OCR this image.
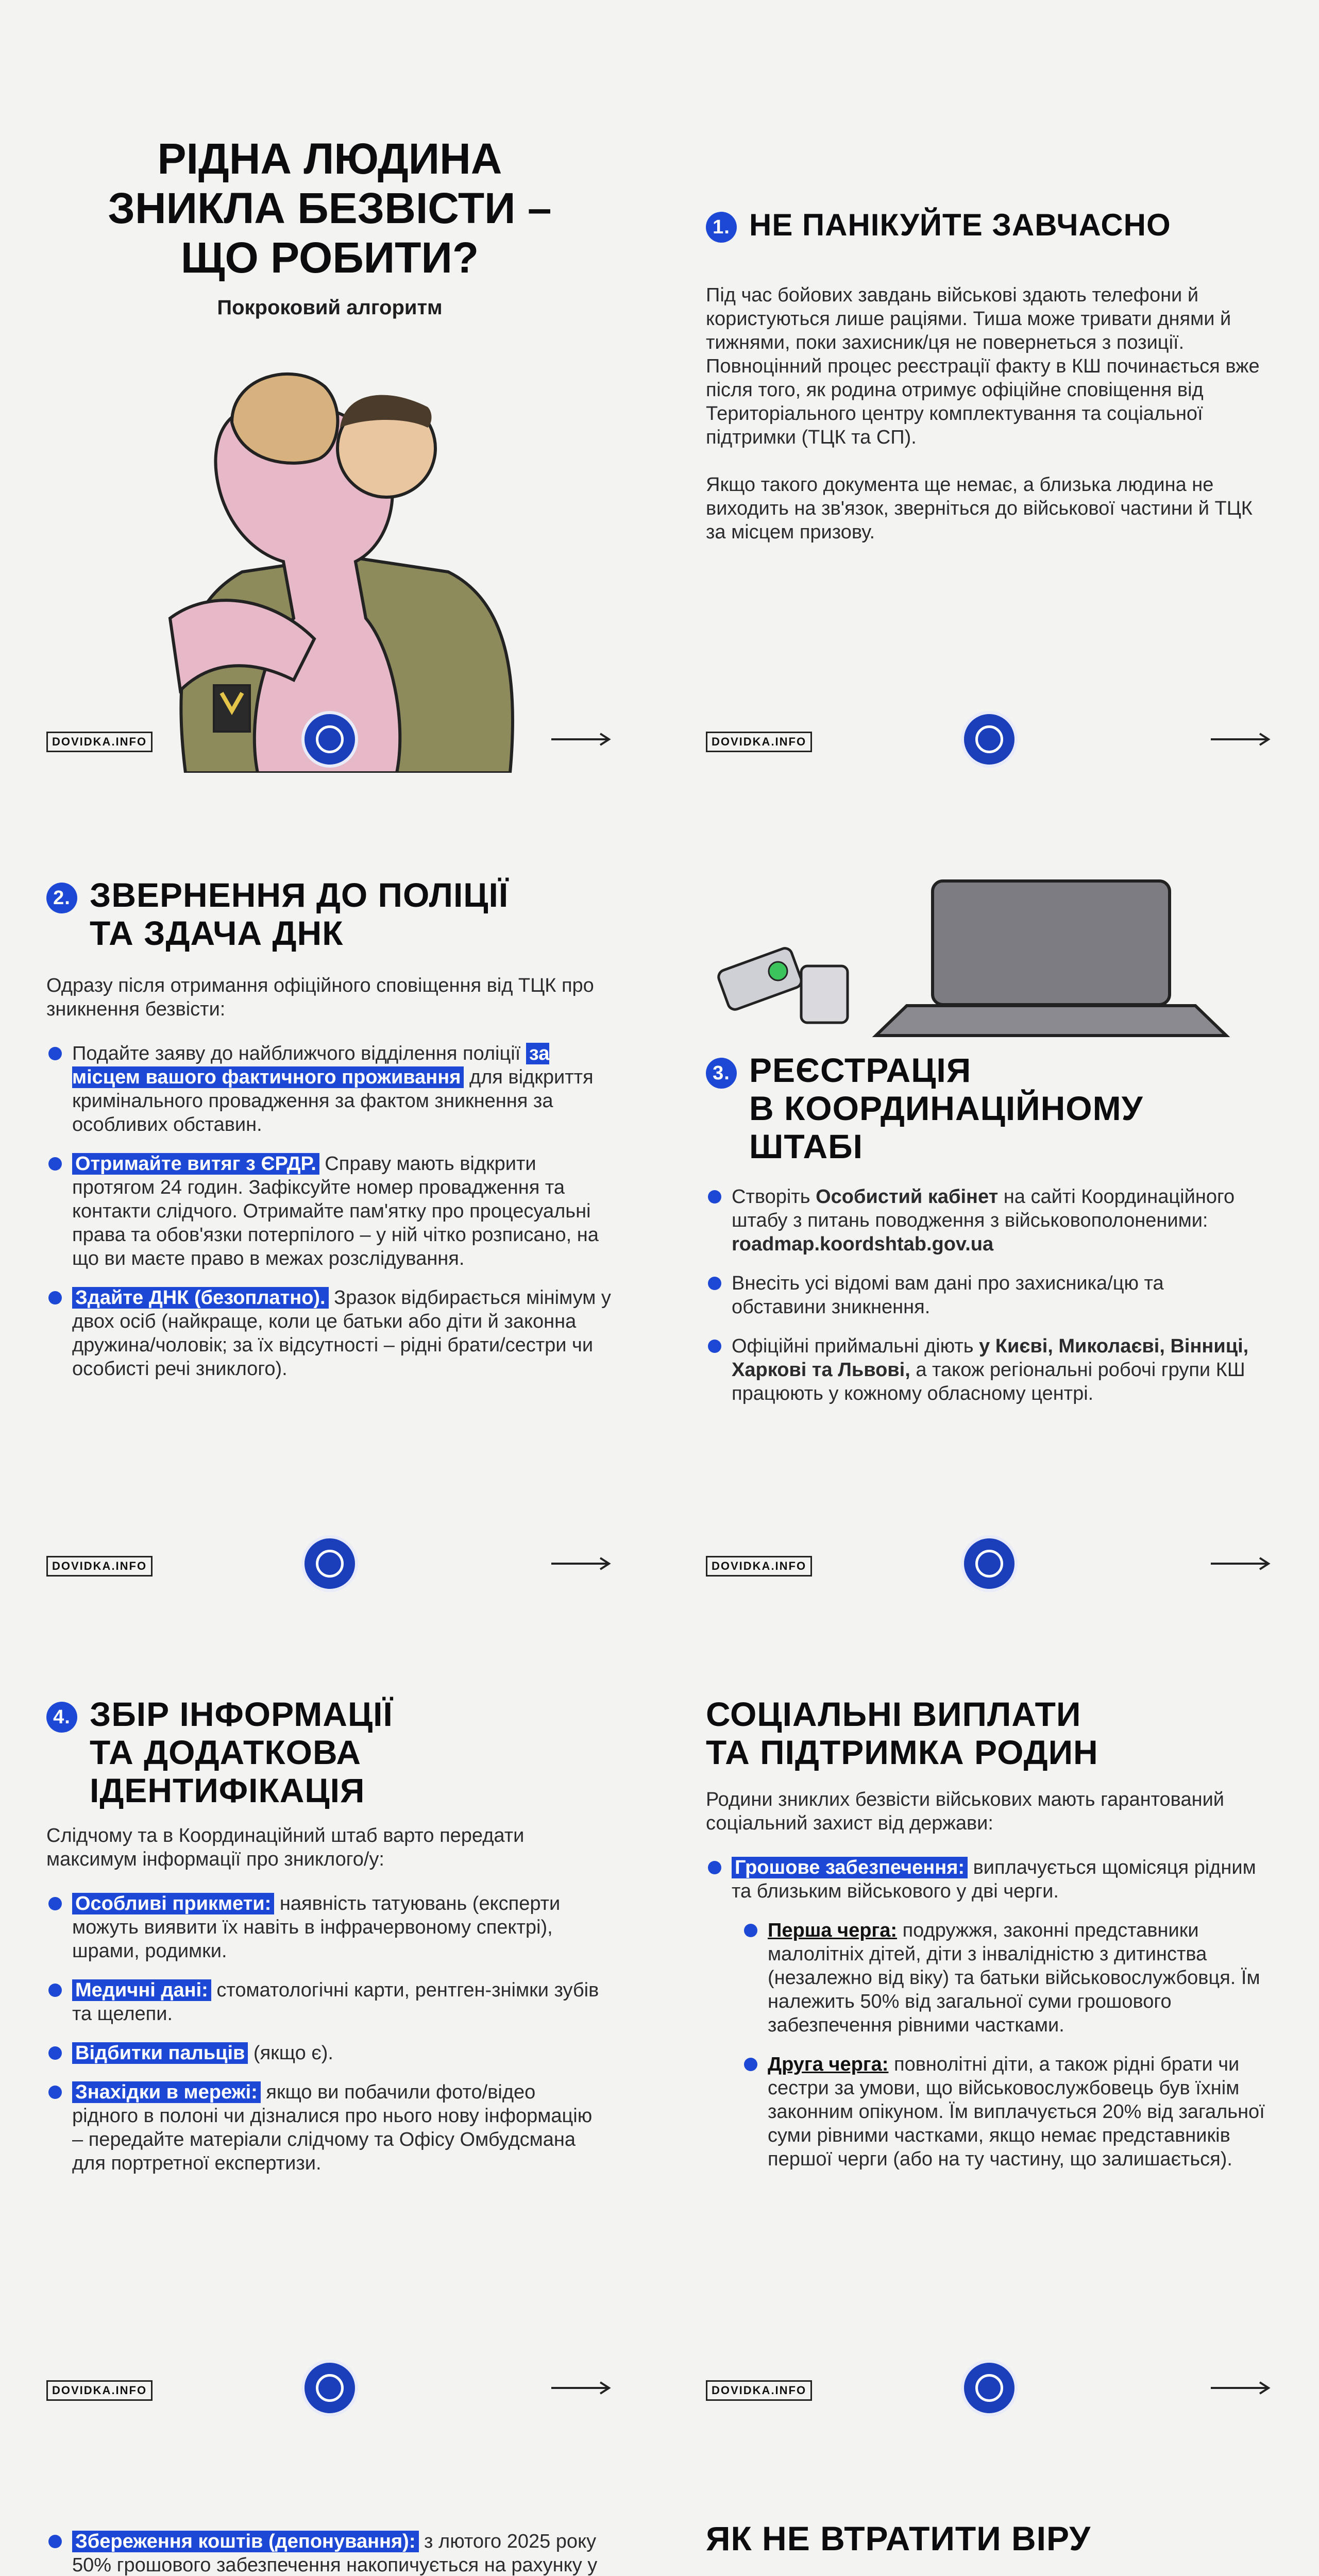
РІДНА ЛЮДИНА
ЗНИКЛА БЕЗВІСТИ –
ЩО РОБИТИ?
Покроковий алгоритм
DOVIDKA.INFO
1. НЕ ПАНІКУЙТЕ ЗАВЧАСНО

Під час бойових завдань військові здають телефони й користуються лише раціями. Тиша може тривати днями й тижнями, поки захисник/ця не повернеться з позиції. Повноцінний процес реєстрації факту в КШ починається вже після того, як родина отримує офіційне сповіщення від Територіального центру комплектування та соціальної підтримки (ТЦК та СП).

Якщо такого документа ще немає, а близька людина не виходить на зв'язок, зверніться до військової частини й ТЦК за місцем призову.

DOVIDKA.INFO
2. ЗВЕРНЕННЯ ДО ПОЛІЦІЇ
ТА ЗДАЧА ДНК

Одразу після отримання офіційного сповіщення від ТЦК про зникнення безвісти:

Подайте заяву до найближчого відділення поліції за місцем вашого фактичного проживання для відкриття кримінального провадження за фактом зникнення за особливих обставин.
Отримайте витяг з ЄРДР. Справу мають відкрити протягом 24 годин. Зафіксуйте номер провадження та контакти слідчого. Отримайте пам'ятку про процесуальні права та обов'язки потерпілого – у ній чітко розписано, на що ви маєте право в межах розслідування.
Здайте ДНК (безоплатно). Зразок відбирається мінімум у двох осіб (найкраще, коли це батьки або діти й законна дружина/чоловік; за їх відсутності – рідні брати/сестри чи особисті речі зниклого).
DOVIDKA.INFO
3. РЕЄСТРАЦІЯ
В КООРДИНАЦІЙНОМУ
ШТАБІ
Створіть Особистий кабінет на сайті Координаційного штабу з питань поводження з військовополоненими: roadmap.koordshtab.gov.ua
Внесіть усі відомі вам дані про захисника/цю та обставини зникнення.
Офіційні приймальні діють у Києві, Миколаєві, Вінниці, Харкові та Львові, а також регіональні робочі групи КШ працюють у кожному обласному центрі.
DOVIDKA.INFO
4. ЗБІР ІНФОРМАЦІЇ
ТА ДОДАТКОВА
ІДЕНТИФІКАЦІЯ

Слідчому та в Координаційний штаб варто передати максимум інформації про зниклого/у:

Особливі прикмети: наявність татуювань (експерти можуть виявити їх навіть в інфрачервоному спектрі), шрами, родимки.
Медичні дані: стоматологічні карти, рентген-знімки зубів та щелепи.
Відбитки пальців (якщо є).
Знахідки в мережі: якщо ви побачили фото/відео рідного в полоні чи дізналися про нього нову інформацію – передайте матеріали слідчому та Офісу Омбудсмана для портретної експертизи.
DOVIDKA.INFO
СОЦІАЛЬНІ ВИПЛАТИ
ТА ПІДТРИМКА РОДИН

Родини зниклих безвісти військових мають гарантований соціальний захист від держави:

Грошове забезпечення: виплачується щомісяця рідним та близьким військового у дві черги.
Перша черга: подружжя, законні представники малолітніх дітей, діти з інвалідністю з дитинства (незалежно від віку) та батьки військовослужбовця. Їм належить 50% від загальної суми грошового забезпечення рівними частками.
Друга черга: повнолітні діти, а також рідні брати чи сестри за умови, що військовослужбовець був їхнім законним опікуном. Їм виплачується 20% від загальної суми рівними частками, якщо немає представників першої черги (або на ту частину, що залишається).
DOVIDKA.INFO
Збереження коштів (депонування): з лютого 2025 року 50% грошового забезпечення накопичується на рахунку у
ЯК НЕ ВТРАТИТИ ВІРУ
